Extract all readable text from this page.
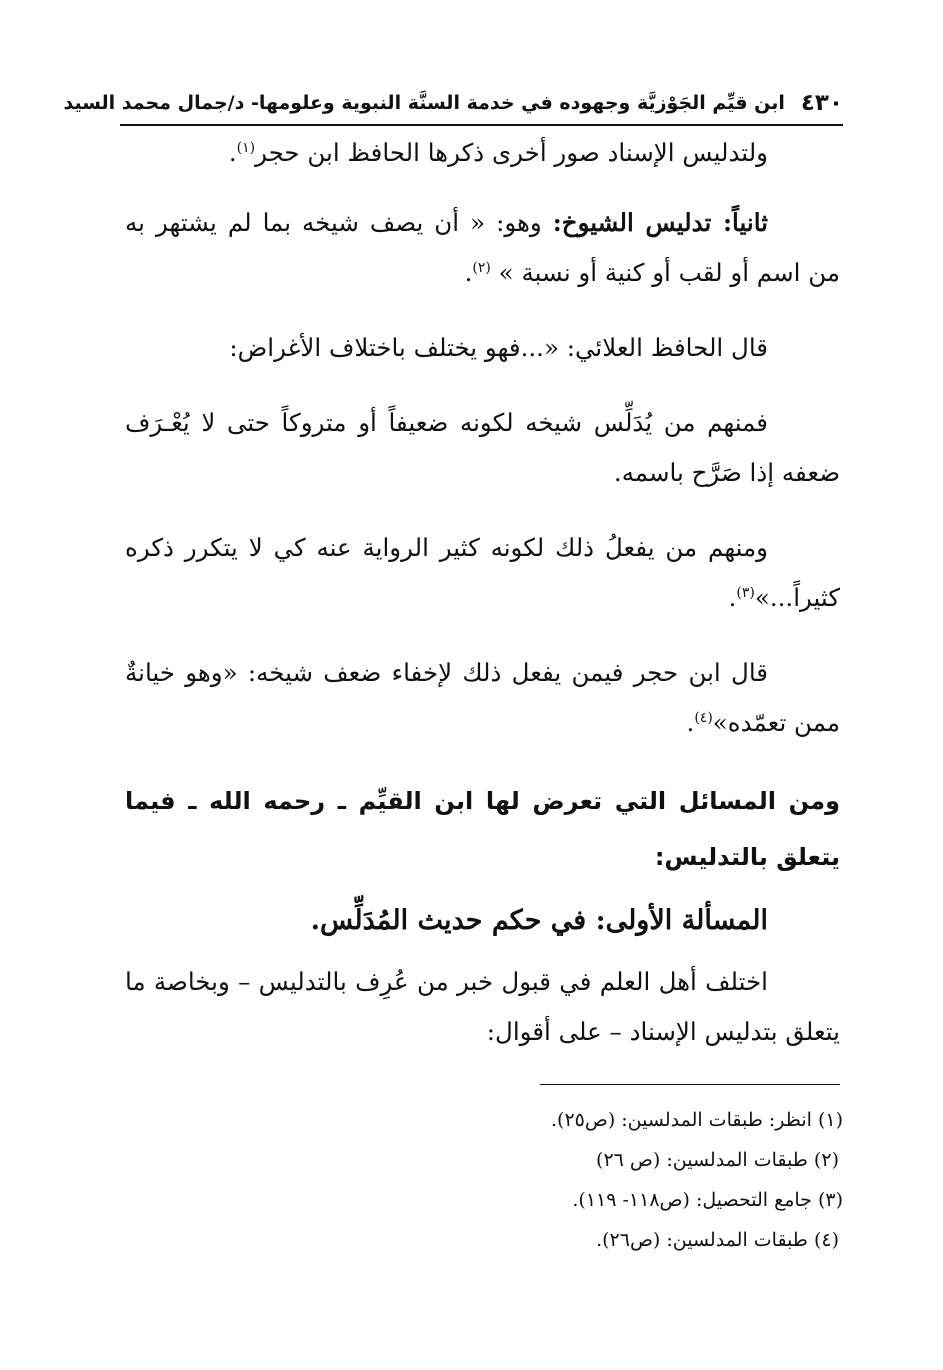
٤٣٠
ابن قيِّم الجَوْزيَّة وجهوده في خدمة السنَّة النبوية وعلومها- د/جمال محمد السيد

ولتدليس الإسناد صور أخرى ذكرها الحافظ ابن حجر$^{(١)}$.

ثانياً: تدليس الشيوخ: وهو: « أن يصف شيخه بما لم يشتهر به من اسم أو لقب أو كنية أو نسبة » $^{(٢)}$.

قال الحافظ العلائي: «...فهو يختلف باختلاف الأغراض:

فمنهم من يُدَلِّس شيخه لكونه ضعيفاً أو متروكاً حتى لا يُعْـرَف ضعفه إذا صَرَّح باسمه.

ومنهم من يفعلُ ذلك لكونه كثير الرواية عنه كي لا يتكرر ذكره كثيراً...»$^{(٣)}$.

قال ابن حجر فيمن يفعل ذلك لإخفاء ضعف شيخه: «وهو خيانةٌ ممن تعمّده»$^{(٤)}$.

ومن المسائل التي تعرض لها ابن القيِّم ـ رحمه الله ـ فيما يتعلق بالتدليس:

المسألة الأولى: في حكم حديث المُدَلِّس.

اختلف أهل العلم في قبول خبر من عُرِف بالتدليس – وبخاصة ما يتعلق بتدليس الإسناد – على أقوال:

(١) انظر: طبقات المدلسين: (ص٢٥).

(٢) طبقات المدلسين: (ص ٢٦)

(٣) جامع التحصيل: (ص١١٨- ١١٩).

(٤) طبقات المدلسين: (ص٢٦).
